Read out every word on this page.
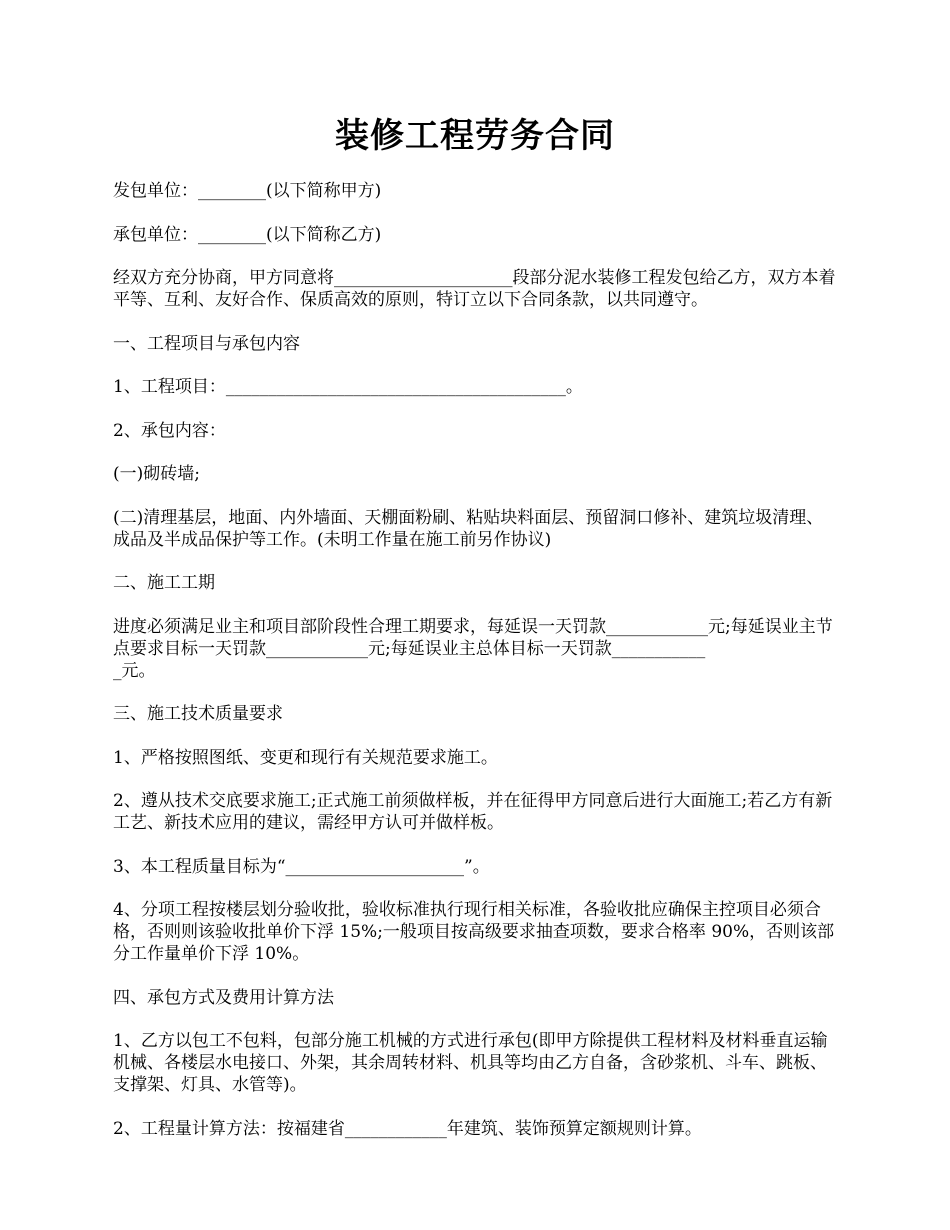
装修工程劳务合同

发包单位：________(以下简称甲方)

承包单位：________(以下简称乙方)

经双方充分协商，甲方同意将_____________________段部分泥水装修工程发包给乙方，双方本着平等、互利、友好合作、保质高效的原则，特订立以下合同条款，以共同遵守。

一、工程项目与承包内容

1、工程项目：________________________________________。

2、承包内容：

(一)砌砖墙;

(二)清理基层，地面、内外墙面、天棚面粉刷、粘贴块料面层、预留洞口修补、建筑垃圾清理、成品及半成品保护等工作。(未明工作量在施工前另作协议)

二、施工工期

进度必须满足业主和项目部阶段性合理工期要求，每延误一天罚款____________元;每延误业主节点要求目标一天罚款____________元;每延误业主总体目标一天罚款___________
_元。

三、施工技术质量要求

1、严格按照图纸、变更和现行有关规范要求施工。

2、遵从技术交底要求施工;正式施工前须做样板，并在征得甲方同意后进行大面施工;若乙方有新工艺、新技术应用的建议，需经甲方认可并做样板。

3、本工程质量目标为“_____________________”。

4、分项工程按楼层划分验收批，验收标准执行现行相关标准，各验收批应确保主控项目必须合格，否则则该验收批单价下浮 15%;一般项目按高级要求抽查项数，要求合格率 90%，否则该部分工作量单价下浮 10%。

四、承包方式及费用计算方法

1、乙方以包工不包料，包部分施工机械的方式进行承包(即甲方除提供工程材料及材料垂直运输机械、各楼层水电接口、外架，其余周转材料、机具等均由乙方自备，含砂浆机、斗车、跳板、支撑架、灯具、水管等)。

2、工程量计算方法：按福建省____________年建筑、装饰预算定额规则计算。
